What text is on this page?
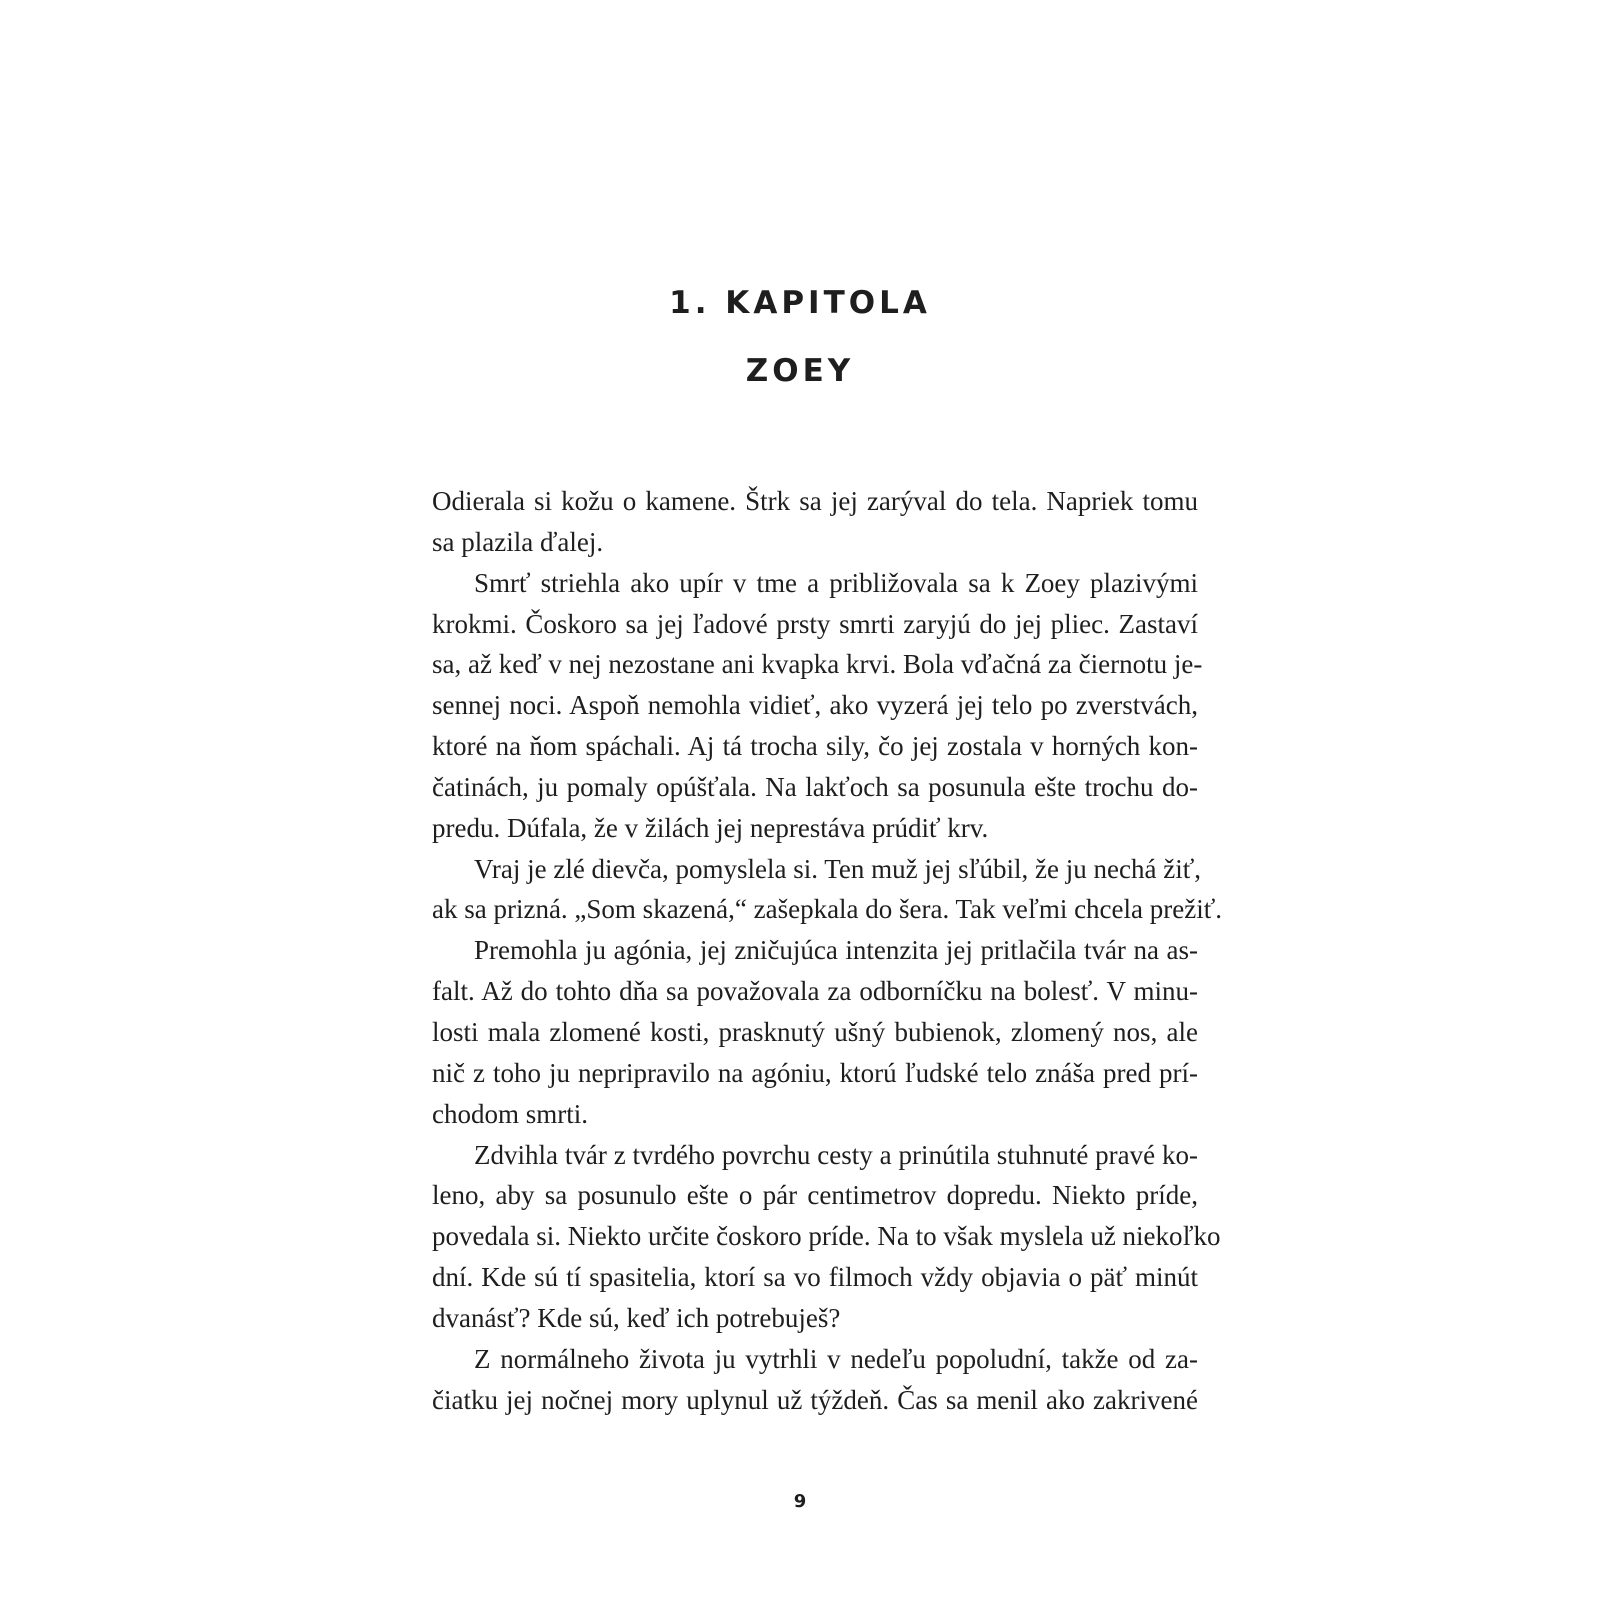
1. KAPITOLA
ZOEY
Odierala si kožu o kamene. Štrk sa jej zarýval do tela. Napriek tomu
sa plazila ďalej.
Smrť striehla ako upír v tme a približovala sa k Zoey plazivými
krokmi. Čoskoro sa jej ľadové prsty smrti zaryjú do jej pliec. Zastaví
sa, až keď v nej nezostane ani kvapka krvi. Bola vďačná za čiernotu je-
sennej noci. Aspoň nemohla vidieť, ako vyzerá jej telo po zverstvách,
ktoré na ňom spáchali. Aj tá trocha sily, čo jej zostala v horných kon-
čatinách, ju pomaly opúšťala. Na lakťoch sa posunula ešte trochu do-
predu. Dúfala, že v žilách jej neprestáva prúdiť krv.
Vraj je zlé dievča, pomyslela si. Ten muž jej sľúbil, že ju nechá žiť,
ak sa prizná. „Som skazená,“ zašepkala do šera. Tak veľmi chcela prežiť.
Premohla ju agónia, jej zničujúca intenzita jej pritlačila tvár na as-
falt. Až do tohto dňa sa považovala za odborníčku na bolesť. V minu-
losti mala zlomené kosti, prasknutý ušný bubienok, zlomený nos, ale
nič z toho ju nepripravilo na agóniu, ktorú ľudské telo znáša pred prí-
chodom smrti.
Zdvihla tvár z tvrdého povrchu cesty a prinútila stuhnuté pravé ko-
leno, aby sa posunulo ešte o pár centimetrov dopredu. Niekto príde,
povedala si. Niekto určite čoskoro príde. Na to však myslela už niekoľko
dní. Kde sú tí spasitelia, ktorí sa vo filmoch vždy objavia o päť minút
dvanásť? Kde sú, keď ich potrebuješ?
Z normálneho života ju vytrhli v nedeľu popoludní, takže od za-
čiatku jej nočnej mory uplynul už týždeň. Čas sa menil ako zakrivené
9
